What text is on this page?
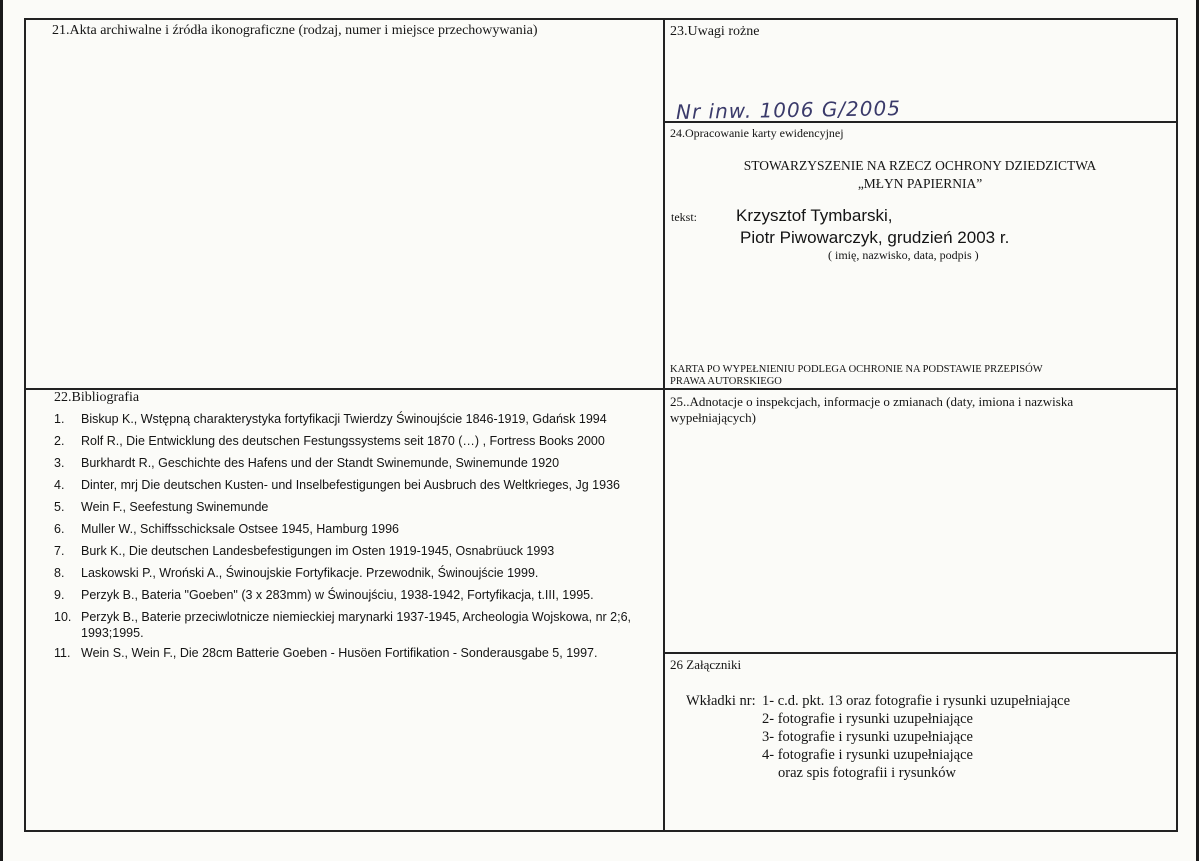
21.Akta archiwalne i źródła ikonograficzne (rodzaj, numer i miejsce przechowywania)	23.Uwagi rożne
Nr inw. 1006 G/2005
24.Opracowanie karty ewidencyjnej
STOWARZYSZENIE NA RZECZ OCHRONY DZIEDZICTWA
„MŁYN PAPIERNIA”
tekst: Krzysztof Tymbarski,
Piotr Piwowarczyk, grudzień 2003 r.
( imię, nazwisko, data, podpis )
KARTA PO WYPEŁNIENIU PODLEGA OCHRONIE NA PODSTAWIE PRZEPISÓW
PRAWA AUTORSKIEGO
22.Bibliografia
1.	Biskup K., Wstępną charakterystyka fortyfikacji Twierdzy Świnoujście 1846-1919, Gdańsk 1994
2.	Rolf R., Die Entwicklung des deutschen Festungssystems seit 1870 (…) , Fortress Books 2000
3.	Burkhardt R., Geschichte des Hafens und der Standt Swinemunde, Swinemunde 1920
4.	Dinter, mrj Die deutschen Kusten- und Inselbefestigungen bei Ausbruch des Weltkrieges, Jg 1936
5.	Wein F., Seefestung Swinemunde
6.	Muller W., Schiffsschicksale Ostsee 1945, Hamburg 1996
7.	Burk K., Die deutschen Landesbefestigungen im Osten 1919-1945, Osnabrüuck 1993
8.	Laskowski P., Wroński A., Świnoujskie Fortyfikacje. Przewodnik, Świnoujście 1999.
9.	Perzyk B., Bateria "Goeben" (3 x 283mm) w Świnoujściu, 1938-1942, Fortyfikacja, t.III, 1995.
10. Perzyk B., Baterie przeciwlotnicze niemieckiej marynarki 1937-1945, Archeologia Wojskowa, nr 2;6, 1993;1995.
11. Wein S., Wein F., Die 28cm Batterie Goeben - Husöen Fortifikation - Sonderausgabe 5, 1997.
25..Adnotacje o inspekcjach, informacje o zmianach (daty, imiona i nazwiska
wypełniających)
26 Załączniki
Wkładki nr: 1- c.d. pkt. 13 oraz fotografie i rysunki uzupełniające
2- fotografie i rysunki uzupełniające
3- fotografie i rysunki uzupełniające
4- fotografie i rysunki uzupełniające
oraz spis fotografii i rysunków
